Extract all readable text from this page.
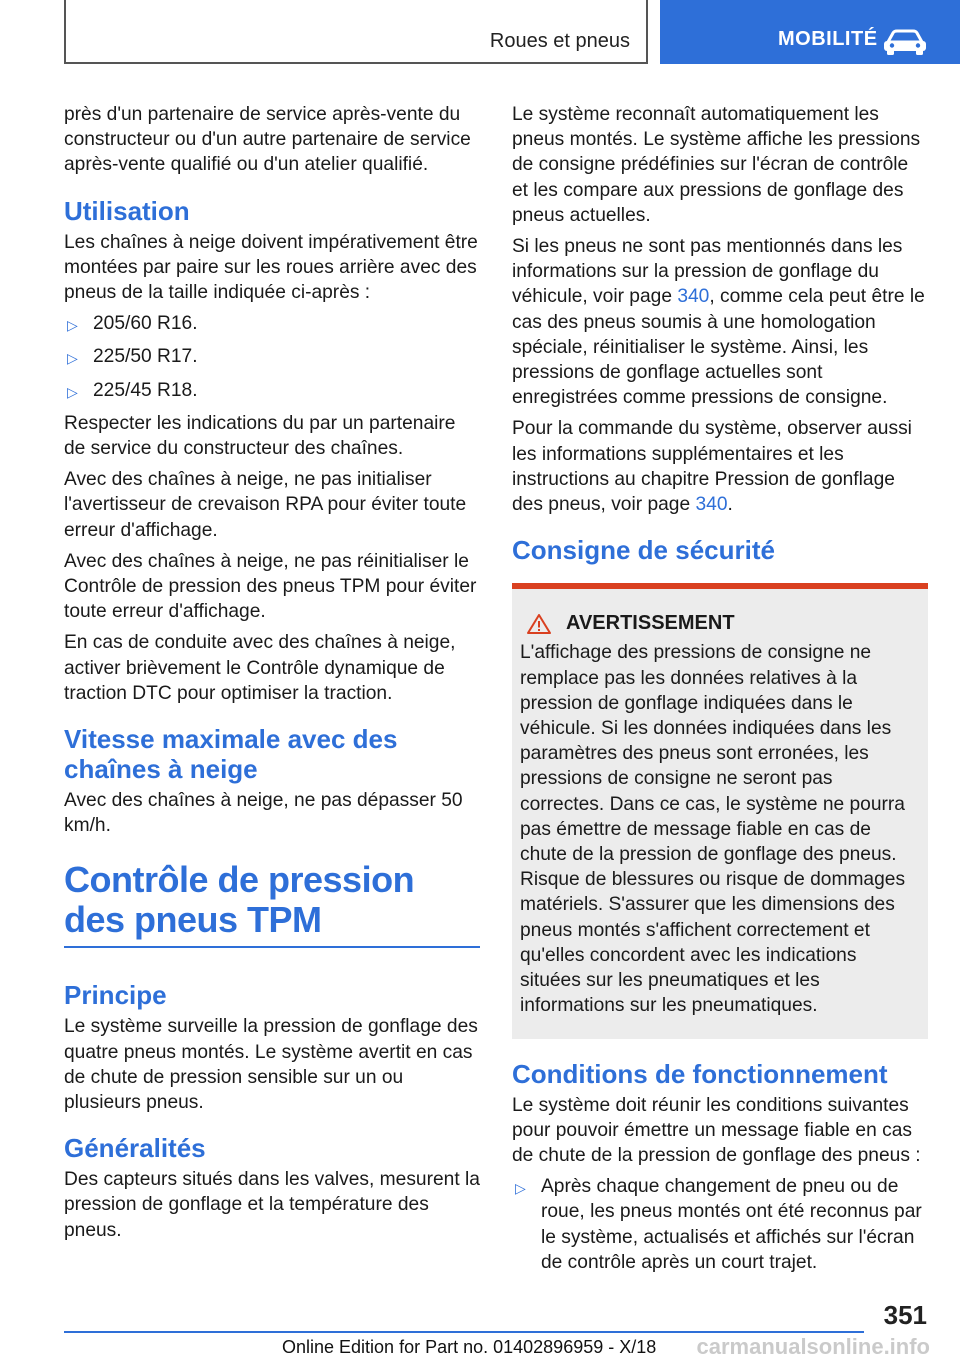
Roues et pneus	MOBILITÉ

près d'un partenaire de service après-vente du constructeur ou d'un autre partenaire de service après-vente qualifié ou d'un atelier qualifié.

Utilisation

Les chaînes à neige doivent impérativement être montées par paire sur les roues arrière avec des pneus de la taille indiquée ci-après :

▷ 205/60 R16.
▷ 225/50 R17.
▷ 225/45 R18.

Respecter les indications du par un partenaire de service du constructeur des chaînes.

Avec des chaînes à neige, ne pas initialiser l'avertisseur de crevaison RPA pour éviter toute erreur d'affichage.

Avec des chaînes à neige, ne pas réinitialiser le Contrôle de pression des pneus TPM pour éviter toute erreur d'affichage.

En cas de conduite avec des chaînes à neige, activer brièvement le Contrôle dynamique de traction DTC pour optimiser la traction.

Vitesse maximale avec des chaînes à neige

Avec des chaînes à neige, ne pas dépasser 50 km/h.

Contrôle de pression des pneus TPM
Principe

Le système surveille la pression de gonflage des quatre pneus montés. Le système avertit en cas de chute de pression sensible sur un ou plusieurs pneus.

Généralités

Des capteurs situés dans les valves, mesurent la pression de gonflage et la température des pneus.

Le système reconnaît automatiquement les pneus montés. Le système affiche les pressions de consigne prédéfinies sur l'écran de contrôle et les compare aux pressions de gonflage des pneus actuelles.

Si les pneus ne sont pas mentionnés dans les informations sur la pression de gonflage du véhicule, voir page 340, comme cela peut être le cas des pneus soumis à une homologation spéciale, réinitialiser le système. Ainsi, les pressions de gonflage actuelles sont enregistrées comme pressions de consigne.

Pour la commande du système, observer aussi les informations supplémentaires et les instructions au chapitre Pression de gonflage des pneus, voir page 340.

Consigne de sécurité
AVERTISSEMENT

L'affichage des pressions de consigne ne remplace pas les données relatives à la pression de gonflage indiquées dans le véhicule. Si les données indiquées dans les paramètres des pneus sont erronées, les pressions de consigne ne seront pas correctes. Dans ce cas, le système ne pourra pas émettre de message fiable en cas de chute de la pression de gonflage des pneus. Risque de blessures ou risque de dommages matériels. S'assurer que les dimensions des pneus montés s'affichent correctement et qu'elles concordent avec les indications situées sur les pneumatiques et les informations sur les pneumatiques.

Conditions de fonctionnement

Le système doit réunir les conditions suivantes pour pouvoir émettre un message fiable en cas de chute de la pression de gonflage des pneus :

▷ Après chaque changement de pneu ou de roue, les pneus montés ont été reconnus par le système, actualisés et affichés sur l'écran de contrôle après un court trajet.
351
Online Edition for Part no. 01402896959 - X/18 carmanualsonline.info
